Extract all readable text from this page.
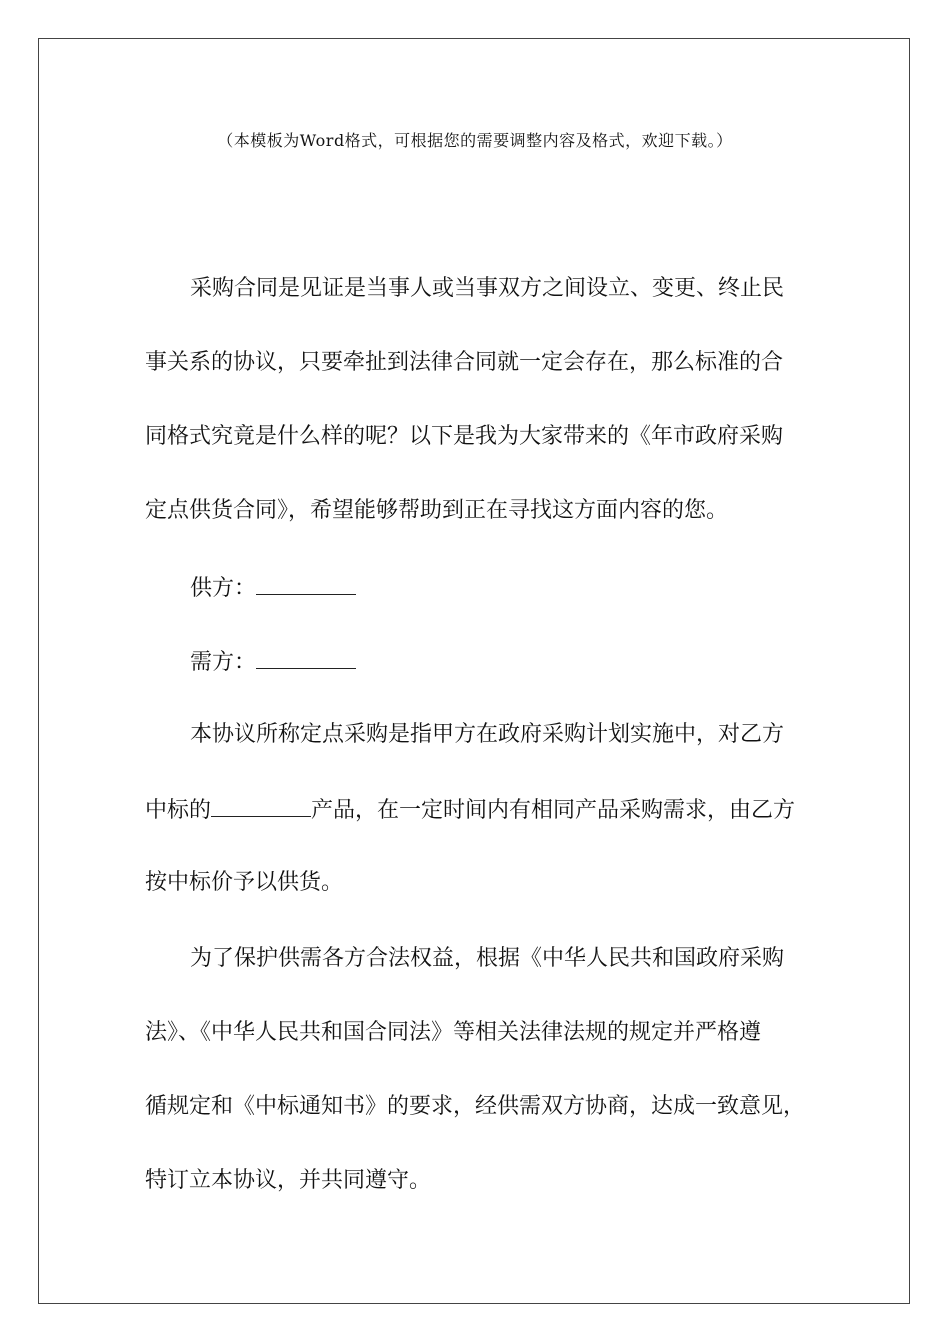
（本模板为Word格式，可根据您的需要调整内容及格式，欢迎下载。）
采购合同是见证是当事人或当事双方之间设立、变更、终止民
事关系的协议，只要牵扯到法律合同就一定会存在，那么标准的合
同格式究竟是什么样的呢？以下是我为大家带来的《年市政府采购
定点供货合同》，希望能够帮助到正在寻找这方面内容的您。
供方：
需方：
本协议所称定点采购是指甲方在政府采购计划实施中，对乙方
中标的	产品，在一定时间内有相同产品采购需求，由乙方
按中标价予以供货。
为了保护供需各方合法权益，根据《中华人民共和国政府采购
法》、《中华人民共和国合同法》等相关法律法规的规定并严格遵
循规定和《中标通知书》的要求，经供需双方协商，达成一致意见，
特订立本协议，并共同遵守。
